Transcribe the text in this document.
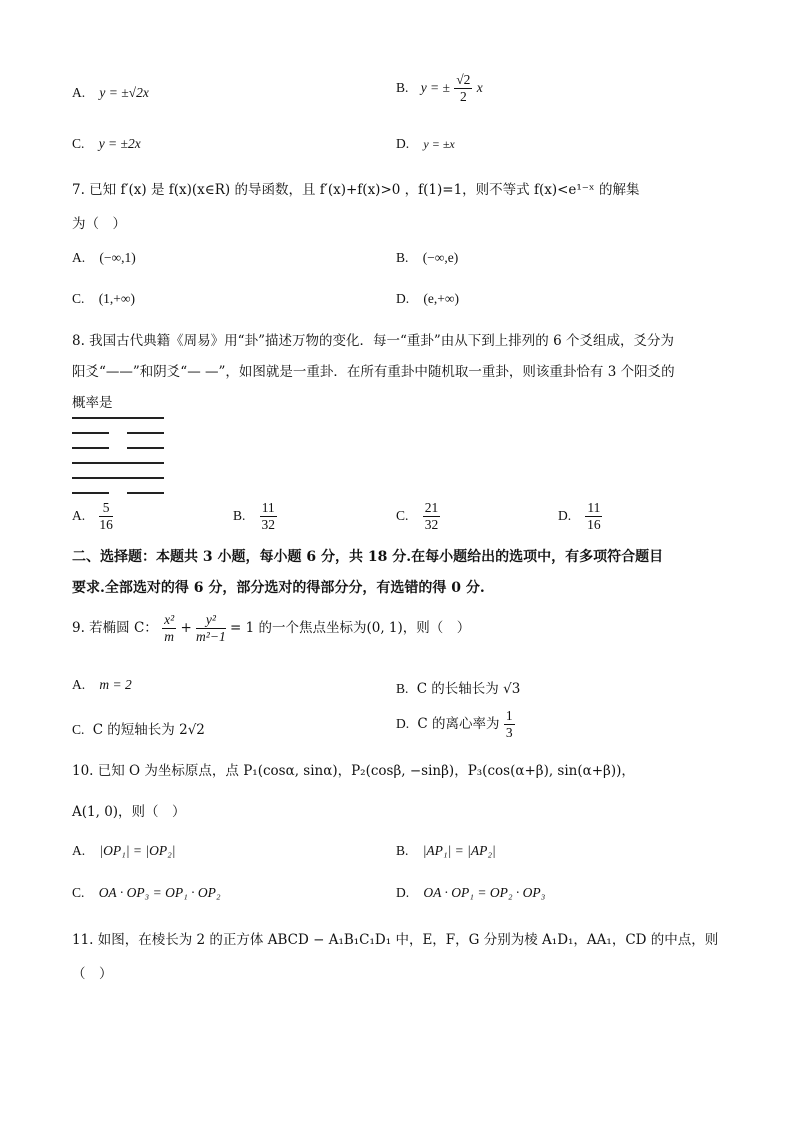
A. y = ±√2x	B. y = ± $\frac{√2}{2}$ x
C. y = ±2x	D. y = ±x
7. 已知 f′(x) 是 f(x)(x∈R) 的导函数，且 f′(x)+f(x)>0 ，f(1)=1，则不等式 f(x)<e¹⁻ˣ 的解集
为（　）
A. (−∞,1)	B. (−∞,e)
C. (1,+∞)	D. (e,+∞)
8. 我国古代典籍《周易》用“卦”描述万物的变化．每一“重卦”由从下到上排列的 6 个爻组成，爻分为
阳爻“——”和阴爻“— —”，如图就是一重卦．在所有重卦中随机取一重卦，则该重卦恰有 3 个阳爻的
概率是
A. $\frac{5}{16}$	B. $\frac{11}{32}$	C. $\frac{21}{32}$	D. $\frac{11}{16}$
二、选择题：本题共 3 小题，每小题 6 分，共 18 分.在每小题给出的选项中，有多项符合题目
要求.全部选对的得 6 分，部分选对的得部分分，有选错的得 0 分.
9. 若椭圆 C： $\frac{\text{x²}}{m} + \frac{\text{y²}}{\text{m²−1}} = 1$ 的一个焦点坐标为(0, 1)，则（　）
A. m = 2	B. C 的长轴长为 √3
C. C 的短轴长为 2√2	D. C 的离心率为 $\frac{1}{3}$
10. 已知 O 为坐标原点，点 P₁(cosα, sinα)，P₂(cosβ, −sinβ)，P₃(cos(α+β), sin(α+β))，
A(1, 0)，则（　）
A. |OP₁| = |OP₂|	B. |AP₁| = |AP₂|
C. OA · OP₃ = OP₁ · OP₂	D. OA · OP₁ = OP₂ · OP₃
11. 如图，在棱长为 2 的正方体 ABCD − A₁B₁C₁D₁ 中，E，F，G 分别为棱 A₁D₁，AA₁，CD 的中点，则
（　）
